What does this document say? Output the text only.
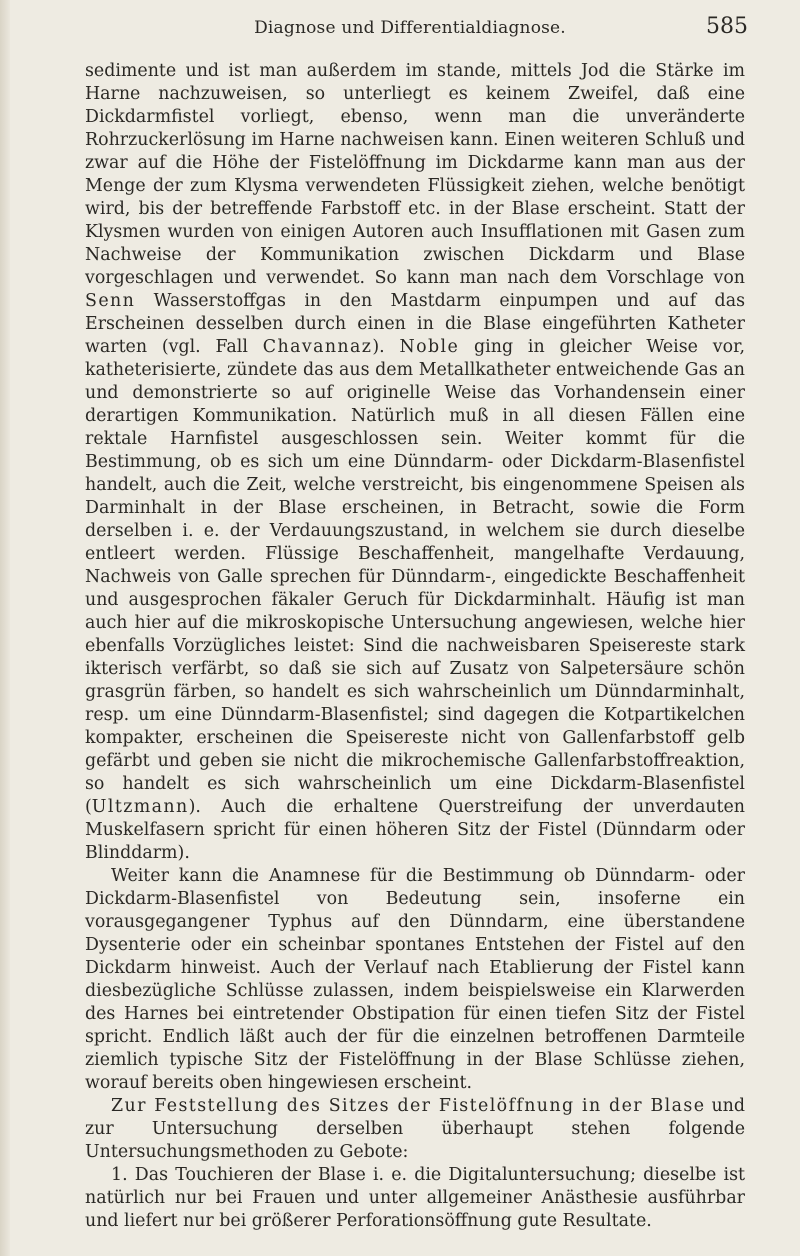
Diagnose und Differentialdiagnose.	585

sedimente und ist man außerdem im stande, mittels Jod die Stärke im Harne nachzuweisen, so unterliegt es keinem Zweifel, daß eine Dickdarmfistel vorliegt, ebenso, wenn man die unveränderte Rohrzuckerlösung im Harne nachweisen kann. Einen weiteren Schluß und zwar auf die Höhe der Fistelöffnung im Dickdarme kann man aus der Menge der zum Klysma verwendeten Flüssigkeit ziehen, welche benötigt wird, bis der betreffende Farbstoff etc. in der Blase erscheint. Statt der Klysmen wurden von einigen Autoren auch Insufflationen mit Gasen zum Nachweise der Kommunikation zwischen Dickdarm und Blase vorgeschlagen und verwendet. So kann man nach dem Vorschlage von Senn Wasserstoffgas in den Mastdarm einpumpen und auf das Erscheinen desselben durch einen in die Blase eingeführten Katheter warten (vgl. Fall Chavannaz). Noble ging in gleicher Weise vor, katheterisierte, zündete das aus dem Metallkatheter entweichende Gas an und demonstrierte so auf originelle Weise das Vorhandensein einer derartigen Kommunikation. Natürlich muß in all diesen Fällen eine rektale Harnfistel ausgeschlossen sein. Weiter kommt für die Bestimmung, ob es sich um eine Dünndarm- oder Dickdarm-Blasenfistel handelt, auch die Zeit, welche verstreicht, bis eingenommene Speisen als Darminhalt in der Blase erscheinen, in Betracht, sowie die Form derselben i. e. der Verdauungszustand, in welchem sie durch dieselbe entleert werden. Flüssige Beschaffenheit, mangelhafte Verdauung, Nachweis von Galle sprechen für Dünndarm-, eingedickte Beschaffenheit und ausgesprochen fäkaler Geruch für Dickdarminhalt. Häufig ist man auch hier auf die mikroskopische Untersuchung angewiesen, welche hier ebenfalls Vorzügliches leistet: Sind die nachweisbaren Speisereste stark ikterisch verfärbt, so daß sie sich auf Zusatz von Salpetersäure schön grasgrün färben, so handelt es sich wahrscheinlich um Dünndarminhalt, resp. um eine Dünndarm-Blasenfistel; sind dagegen die Kotpartikelchen kompakter, erscheinen die Speisereste nicht von Gallenfarbstoff gelb gefärbt und geben sie nicht die mikrochemische Gallenfarbstoffreaktion, so handelt es sich wahrscheinlich um eine Dickdarm-Blasenfistel (Ultzmann). Auch die erhaltene Querstreifung der unverdauten Muskelfasern spricht für einen höheren Sitz der Fistel (Dünndarm oder Blinddarm).

Weiter kann die Anamnese für die Bestimmung ob Dünndarm- oder Dickdarm-Blasenfistel von Bedeutung sein, insoferne ein vorausgegangener Typhus auf den Dünndarm, eine überstandene Dysenterie oder ein scheinbar spontanes Entstehen der Fistel auf den Dickdarm hinweist. Auch der Verlauf nach Etablierung der Fistel kann diesbezügliche Schlüsse zulassen, indem beispielsweise ein Klarwerden des Harnes bei eintretender Obstipation für einen tiefen Sitz der Fistel spricht. Endlich läßt auch der für die einzelnen betroffenen Darmteile ziemlich typische Sitz der Fistelöffnung in der Blase Schlüsse ziehen, worauf bereits oben hingewiesen erscheint.

Zur Feststellung des Sitzes der Fistelöffnung in der Blase und zur Untersuchung derselben überhaupt stehen folgende Untersuchungsmethoden zu Gebote:

1. Das Touchieren der Blase i. e. die Digitaluntersuchung; dieselbe ist natürlich nur bei Frauen und unter allgemeiner Anästhesie ausführbar und liefert nur bei größerer Perforationsöffnung gute Resultate.
